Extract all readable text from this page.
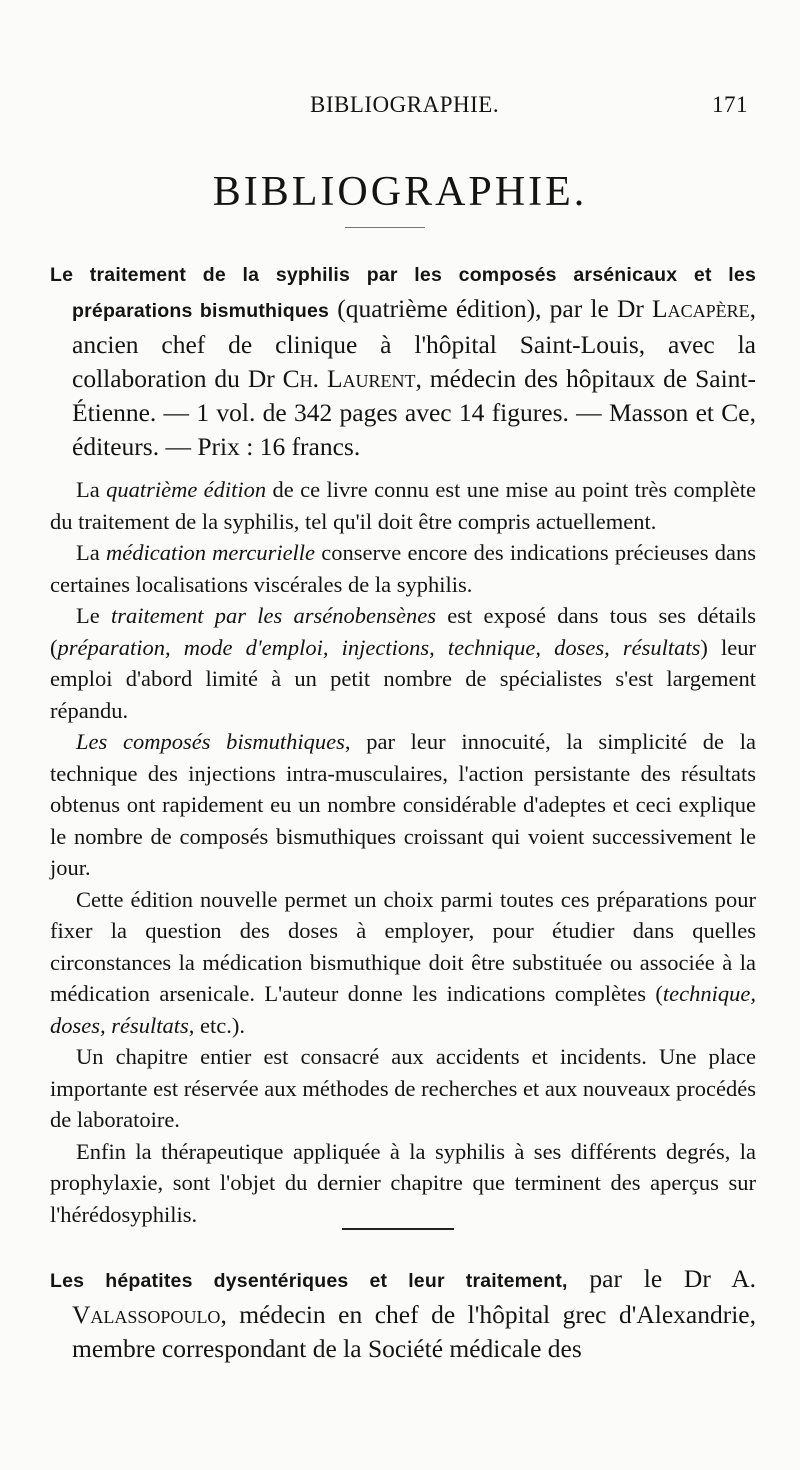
BIBLIOGRAPHIE.	171
BIBLIOGRAPHIE.

Le traitement de la syphilis par les composés arsénicaux et les préparations bismuthiques (quatrième édition), par le Dr Lacapère, ancien chef de clinique à l'hôpital Saint-Louis, avec la collaboration du Dr Ch. Laurent, médecin des hôpitaux de Saint-Étienne. — 1 vol. de 342 pages avec 14 figures. — Masson et Ce, éditeurs. — Prix : 16 francs.

La quatrième édition de ce livre connu est une mise au point très complète du traitement de la syphilis, tel qu'il doit être compris actuellement.

La médication mercurielle conserve encore des indications précieuses dans certaines localisations viscérales de la syphilis.

Le traitement par les arsénobensènes est exposé dans tous ses détails (préparation, mode d'emploi, injections, technique, doses, résultats) leur emploi d'abord limité à un petit nombre de spécialistes s'est largement répandu.

Les composés bismuthiques, par leur innocuité, la simplicité de la technique des injections intra-musculaires, l'action persistante des résultats obtenus ont rapidement eu un nombre considérable d'adeptes et ceci explique le nombre de composés bismuthiques croissant qui voient successivement le jour.

Cette édition nouvelle permet un choix parmi toutes ces préparations pour fixer la question des doses à employer, pour étudier dans quelles circonstances la médication bismuthique doit être substituée ou associée à la médication arsenicale. L'auteur donne les indications complètes (technique, doses, résultats, etc.).

Un chapitre entier est consacré aux accidents et incidents. Une place importante est réservée aux méthodes de recherches et aux nouveaux procédés de laboratoire.

Enfin la thérapeutique appliquée à la syphilis à ses différents degrés, la prophylaxie, sont l'objet du dernier chapitre que terminent des aperçus sur l'hérédosyphilis.

Les hépatites dysentériques et leur traitement, par le Dr A. Valassopoulo, médecin en chef de l'hôpital grec d'Alexandrie, membre correspondant de la Société médicale des
